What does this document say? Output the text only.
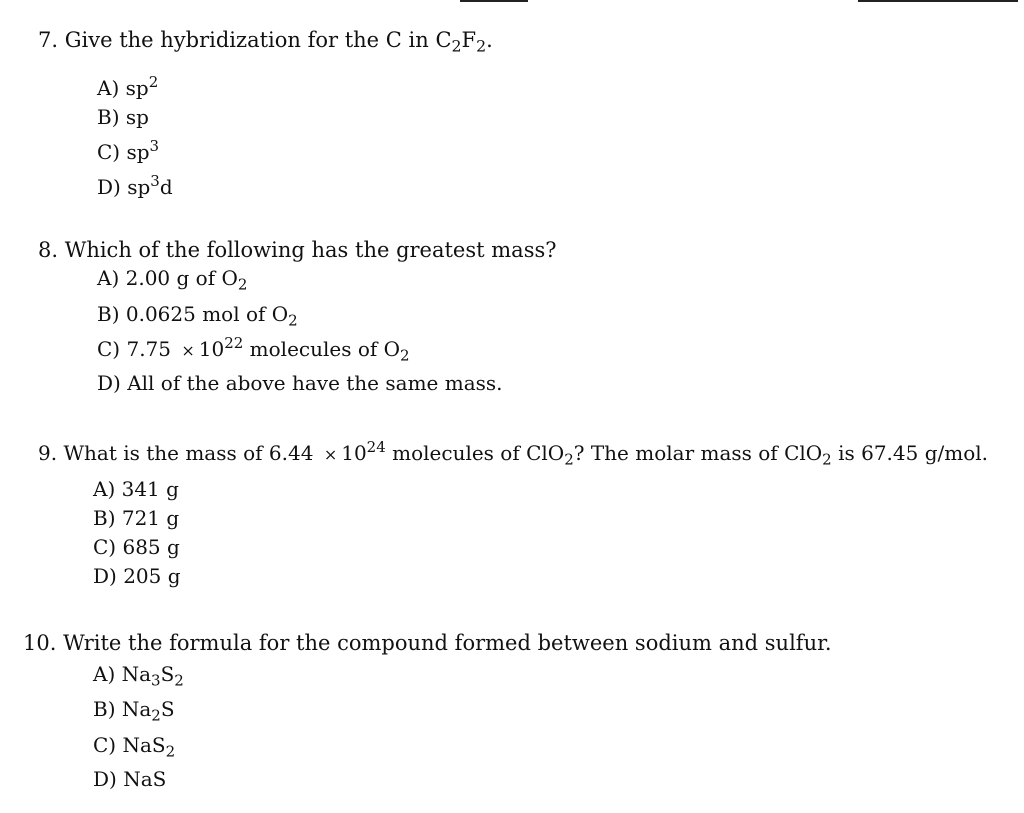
7. Give the hybridization for the C in $C_2F_2$.
A) $sp^2$
B) sp
C) $sp^3$
D) $sp^3d$
8. Which of the following has the greatest mass?
A) 2.00 g of $O_2$
B) 0.0625 mol of $O_2$
C) $7.75 \times 10^{22}$ molecules of $O_2$
D) All of the above have the same mass.
9. What is the mass of $6.44 \times 10^{24}$ molecules of ClO$_2$? The molar mass of ClO$_2$ is 67.45 g/mol.
A) 341 g
B) 721 g
C) 685 g
D) 205 g
10. Write the formula for the compound formed between sodium and sulfur.
A) $Na_3S_2$
B) $Na_2S$
C) NaS$_2$
D) NaS
